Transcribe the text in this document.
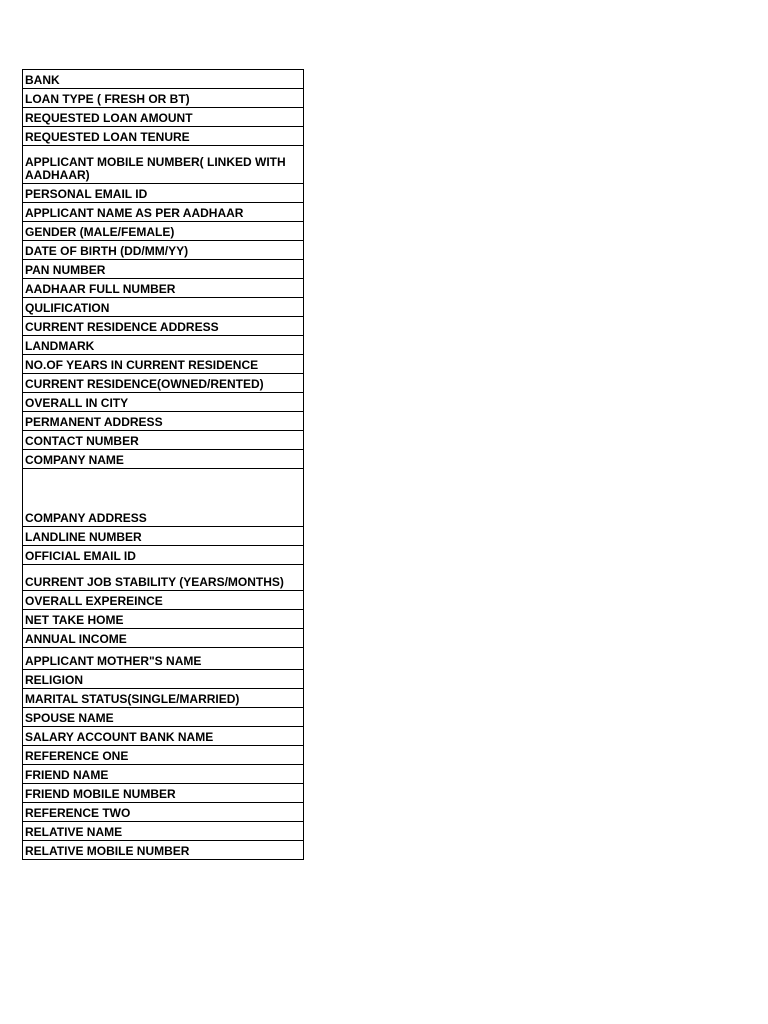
BANK
LOAN TYPE ( FRESH OR BT)
REQUESTED LOAN AMOUNT
REQUESTED LOAN TENURE
APPLICANT MOBILE NUMBER( LINKED WITH AADHAAR)
PERSONAL EMAIL ID
APPLICANT NAME AS PER AADHAAR
GENDER (MALE/FEMALE)
DATE OF BIRTH (DD/MM/YY)
PAN NUMBER
AADHAAR FULL NUMBER
QULIFICATION
CURRENT RESIDENCE ADDRESS
LANDMARK
NO.OF YEARS IN CURRENT RESIDENCE
CURRENT RESIDENCE(OWNED/RENTED)
OVERALL IN CITY
PERMANENT ADDRESS
CONTACT NUMBER
COMPANY NAME
COMPANY ADDRESS
LANDLINE NUMBER
OFFICIAL EMAIL ID
CURRENT JOB STABILITY (YEARS/MONTHS)
OVERALL EXPEREINCE
NET TAKE HOME
ANNUAL INCOME
APPLICANT MOTHER"S NAME
RELIGION
MARITAL STATUS(SINGLE/MARRIED)
SPOUSE NAME
SALARY ACCOUNT BANK NAME
REFERENCE ONE
FRIEND NAME
FRIEND MOBILE NUMBER
REFERENCE TWO
RELATIVE NAME
RELATIVE MOBILE NUMBER
